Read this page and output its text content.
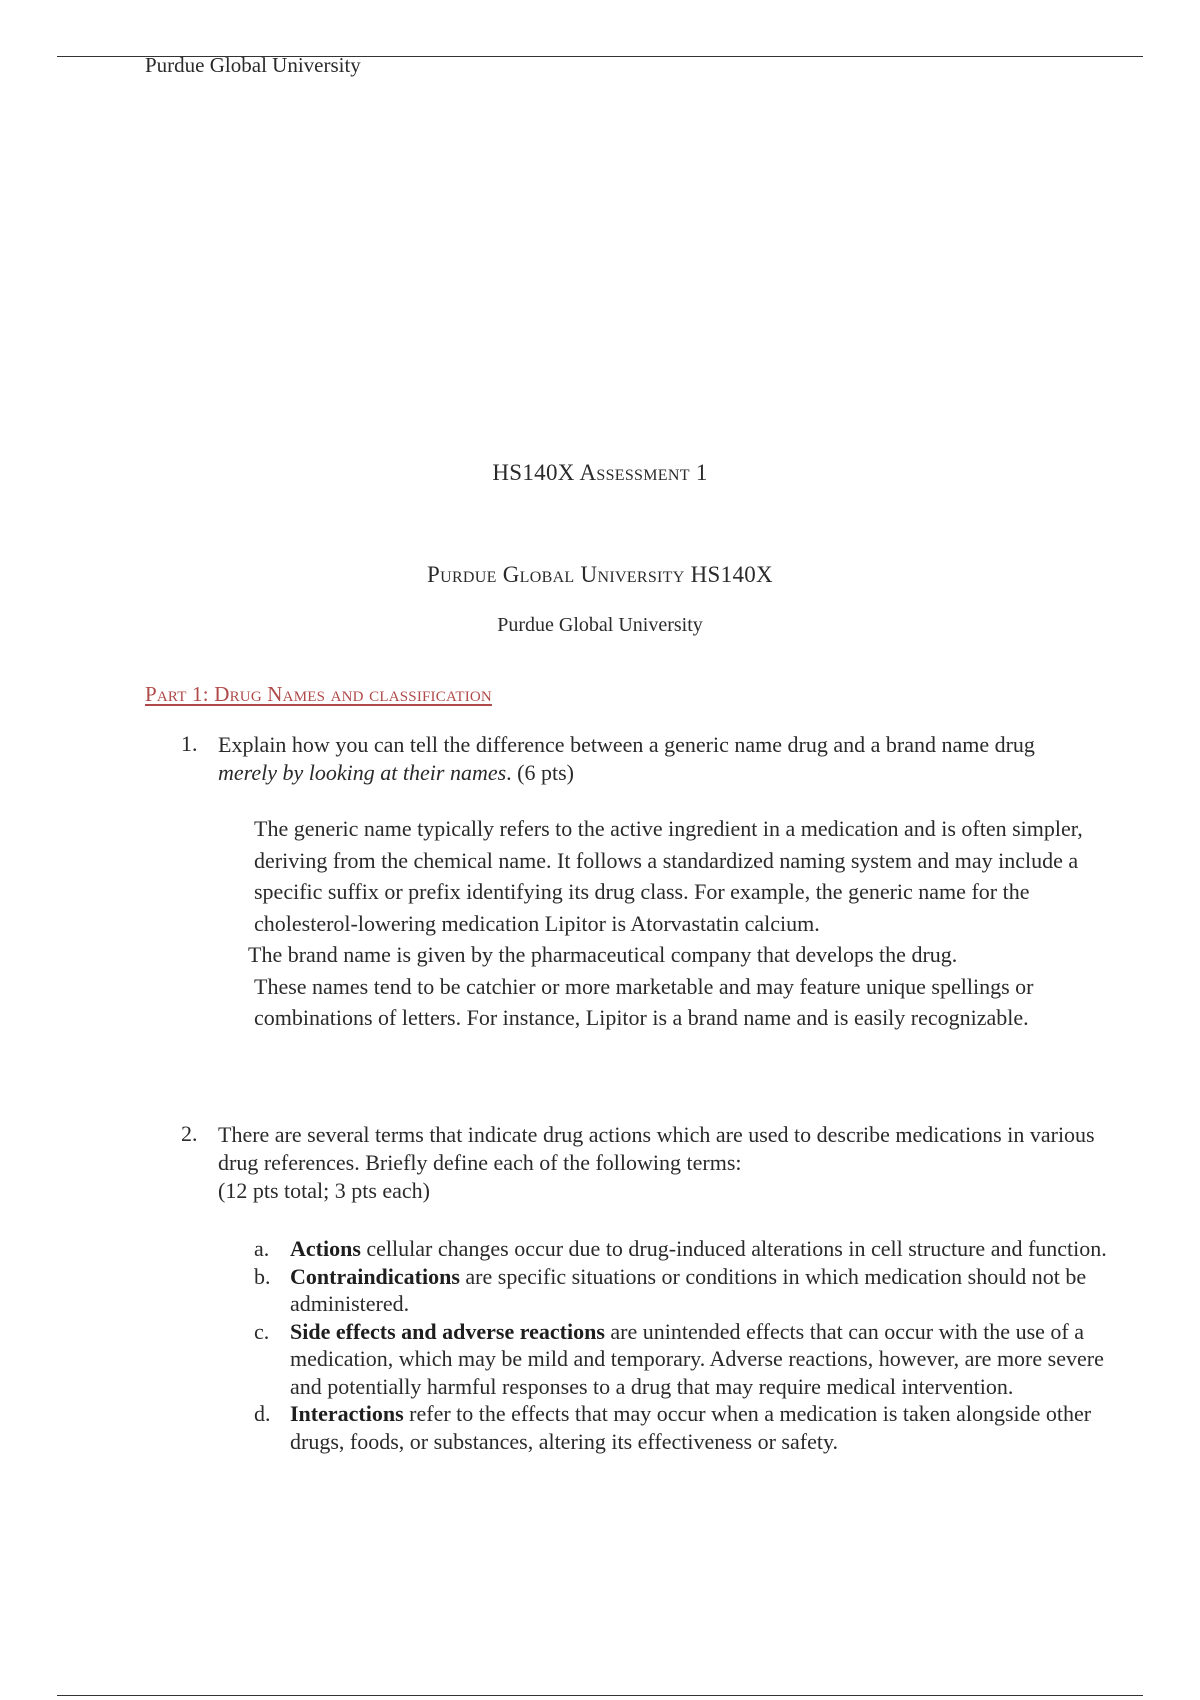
Purdue Global University
HS140X Assessment 1
Purdue Global University HS140X
Purdue Global University
Part 1: Drug Names and classification
1. Explain how you can tell the difference between a generic name drug and a brand name drug merely by looking at their names. (6 pts)

The generic name typically refers to the active ingredient in a medication and is often simpler, deriving from the chemical name. It follows a standardized naming system and may include a specific suffix or prefix identifying its drug class. For example, the generic name for the cholesterol-lowering medication Lipitor is Atorvastatin calcium.

The brand name is given by the pharmaceutical company that develops the drug.

These names tend to be catchier or more marketable and may feature unique spellings or combinations of letters. For instance, Lipitor is a brand name and is easily recognizable.

2. There are several terms that indicate drug actions which are used to describe medications in various drug references. Briefly define each of the following terms:
(12 pts total; 3 pts each)
a. Actions cellular changes occur due to drug-induced alterations in cell structure and function.
b. Contraindications are specific situations or conditions in which medication should not be administered.
c. Side effects and adverse reactions are unintended effects that can occur with the use of a medication, which may be mild and temporary. Adverse reactions, however, are more severe and potentially harmful responses to a drug that may require medical intervention.
d. Interactions refer to the effects that may occur when a medication is taken alongside other drugs, foods, or substances, altering its effectiveness or safety.
